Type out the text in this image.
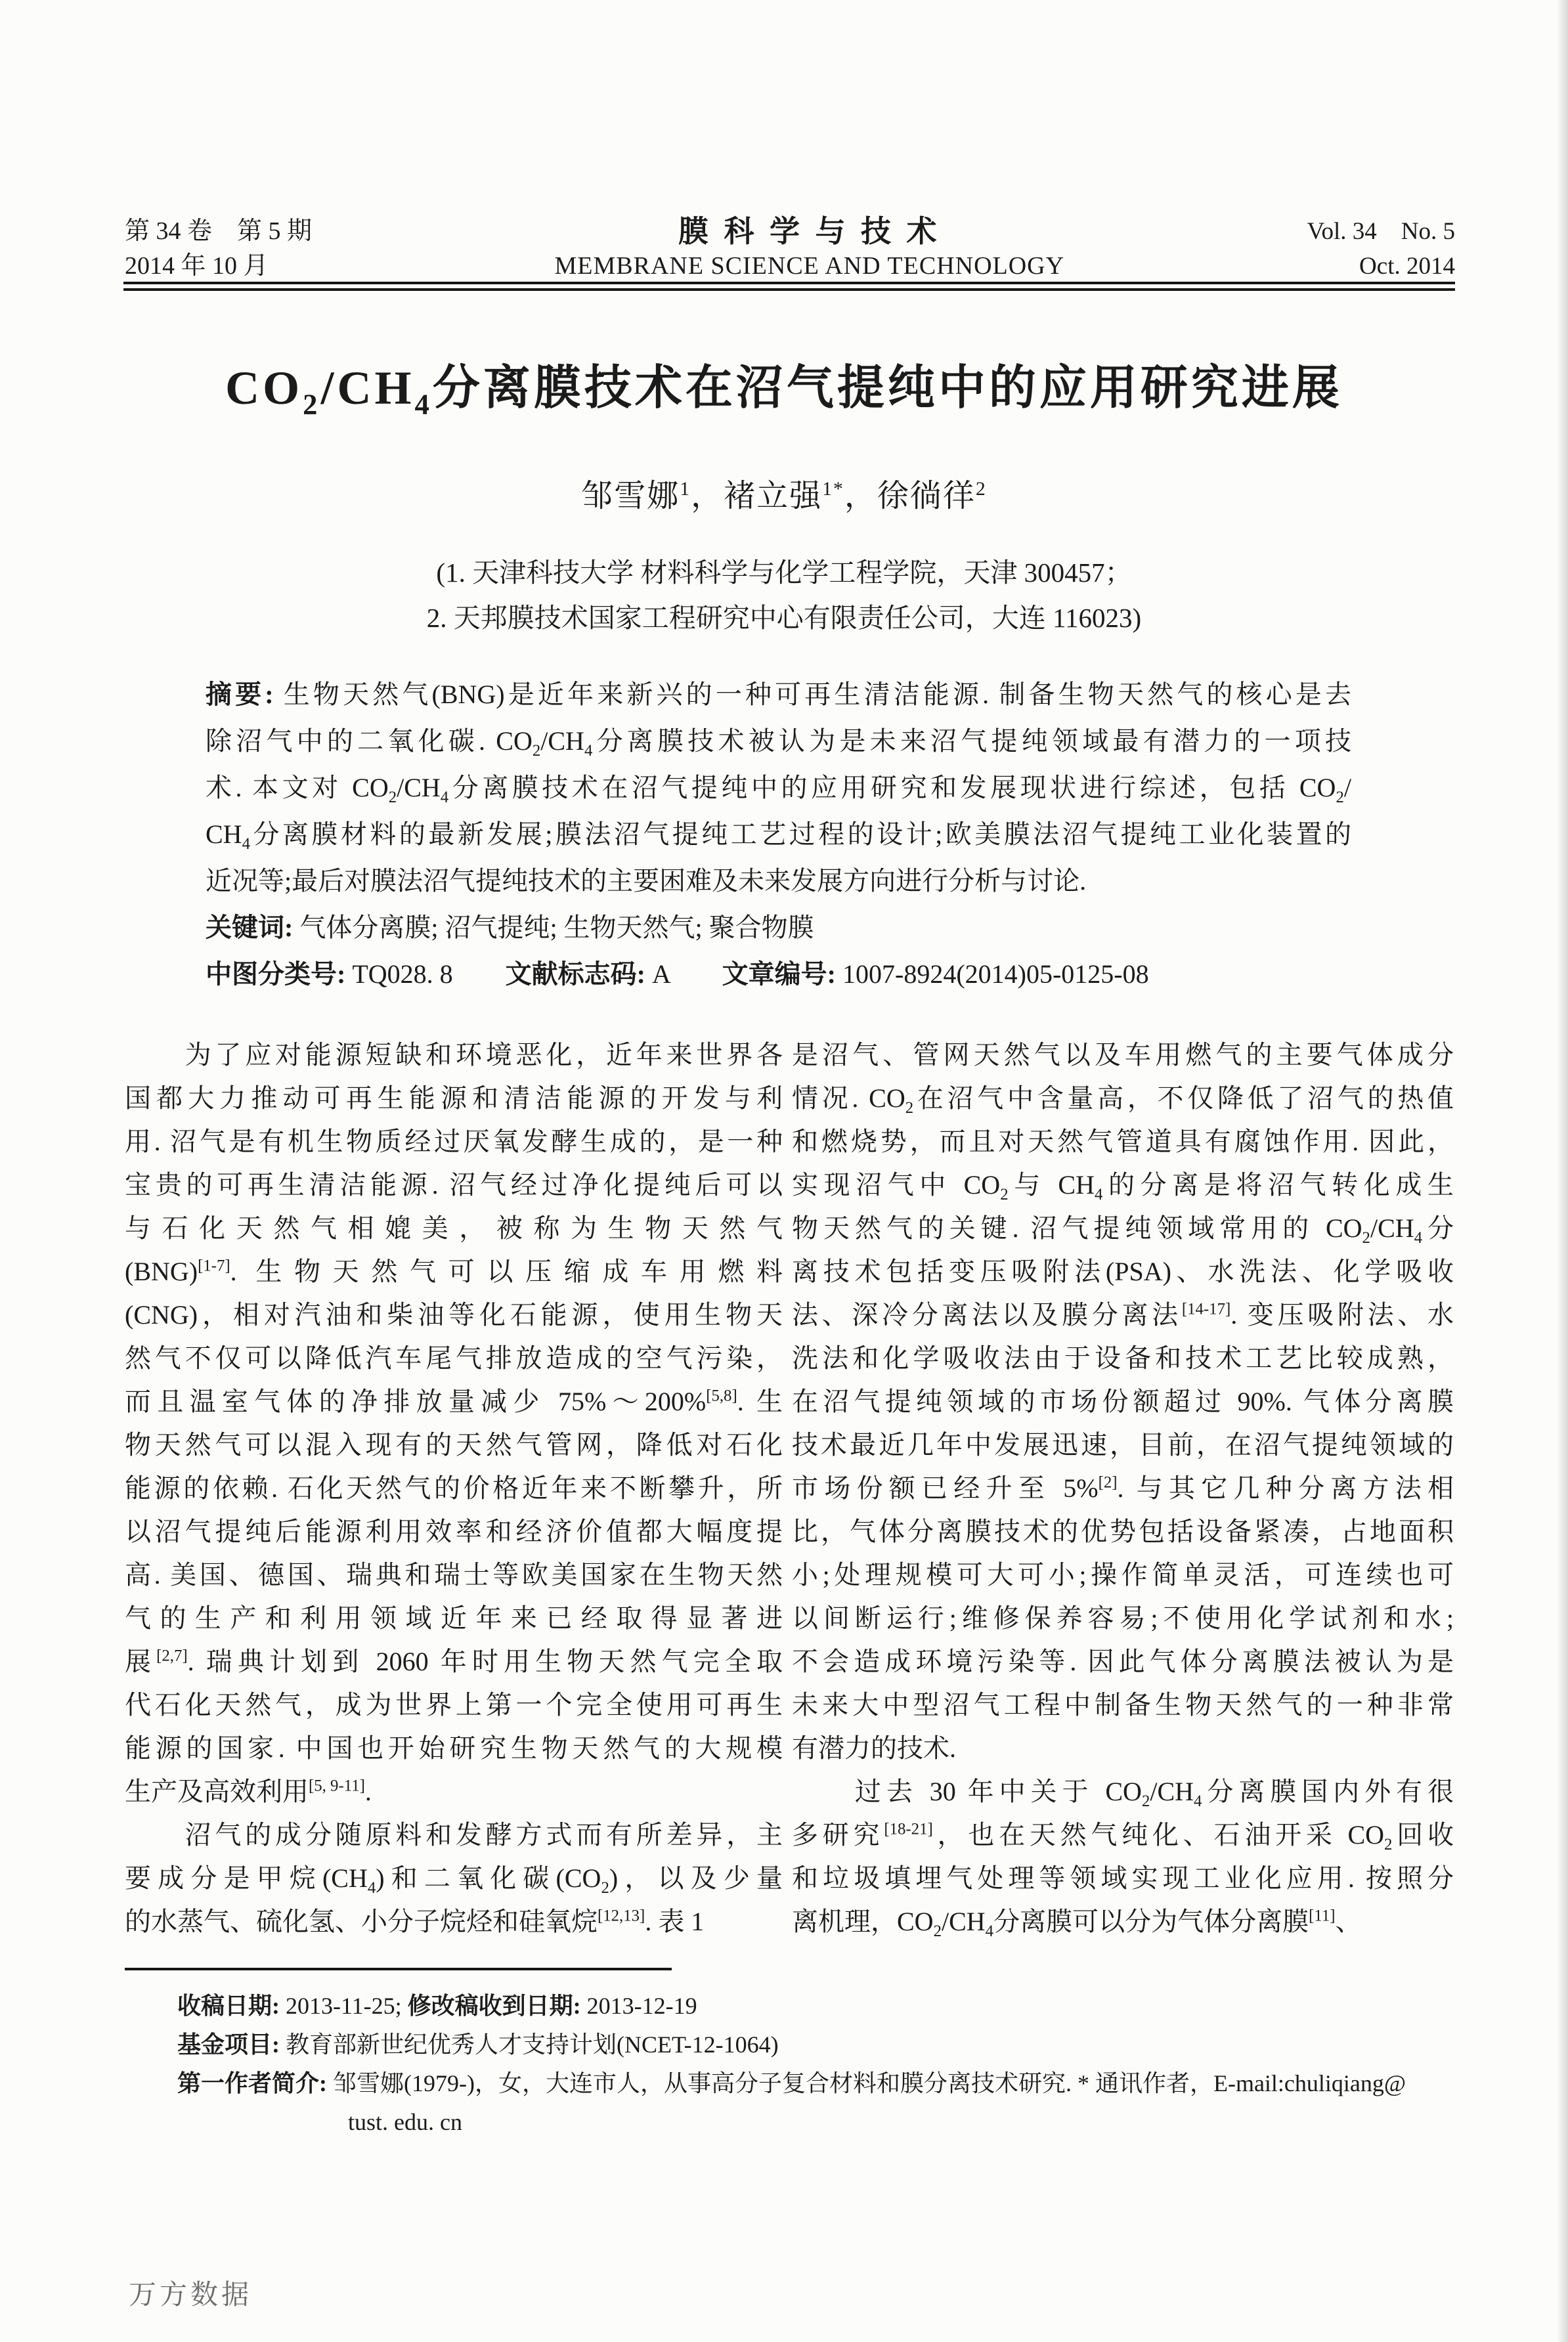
第 34 卷　第 5 期
2014 年 10 月
膜 科 学 与 技 术
MEMBRANE SCIENCE AND TECHNOLOGY
Vol. 34　No. 5
Oct. 2014
$CO_2/CH_4$分离膜技术在沼气提纯中的应用研究进展
邹雪娜$^1$，褚立强$^{1*}$，徐徜徉$^2$
(1. 天津科技大学 材料科学与化学工程学院，天津 300457；
2. 天邦膜技术国家工程研究中心有限责任公司，大连 116023)
摘要: 生物天然气(BNG)是近年来新兴的一种可再生清洁能源. 制备生物天然气的核心是去
除沼气中的二氧化碳. $CO_2/CH_4$分离膜技术被认为是未来沼气提纯领域最有潜力的一项技
术. 本文对 $CO_2/CH_4$分离膜技术在沼气提纯中的应用研究和发展现状进行综述，包括 $CO_2/$
$CH_4$分离膜材料的最新发展;膜法沼气提纯工艺过程的设计;欧美膜法沼气提纯工业化装置的
近况等;最后对膜法沼气提纯技术的主要困难及未来发展方向进行分析与讨论.
关键词: 气体分离膜; 沼气提纯; 生物天然气; 聚合物膜
中图分类号: TQ028. 8　　文献标志码: A　　文章编号: 1007-8924(2014)05-0125-08
　　为了应对能源短缺和环境恶化，近年来世界各
国都大力推动可再生能源和清洁能源的开发与利
用. 沼气是有机生物质经过厌氧发酵生成的，是一种
宝贵的可再生清洁能源. 沼气经过净化提纯后可以
与石化天然气相媲美，被称为生物天然气
(BNG)[1-7]. 生物天然气可以压缩成车用燃料
(CNG)，相对汽油和柴油等化石能源，使用生物天
然气不仅可以降低汽车尾气排放造成的空气污染，
而且温室气体的净排放量减少 75%～200%[5,8]. 生
物天然气可以混入现有的天然气管网，降低对石化
能源的依赖. 石化天然气的价格近年来不断攀升，所
以沼气提纯后能源利用效率和经济价值都大幅度提
高. 美国、德国、瑞典和瑞士等欧美国家在生物天然
气的生产和利用领域近年来已经取得显著进
展[2,7]. 瑞典计划到 2060 年时用生物天然气完全取
代石化天然气，成为世界上第一个完全使用可再生
能源的国家. 中国也开始研究生物天然气的大规模
生产及高效利用[5, 9-11].
　　沼气的成分随原料和发酵方式而有所差异，主
要成分是甲烷$(CH_4)$和二氧化碳$(CO_2)$，以及少量
的水蒸气、硫化氢、小分子烷烃和硅氧烷[12,13]. 表 1
是沼气、管网天然气以及车用燃气的主要气体成分
情况. $CO_2$在沼气中含量高，不仅降低了沼气的热值
和燃烧势，而且对天然气管道具有腐蚀作用. 因此，
实现沼气中 $CO_2$与 $CH_4$的分离是将沼气转化成生
物天然气的关键. 沼气提纯领域常用的 $CO_2/CH_4$分
离技术包括变压吸附法(PSA)、水洗法、化学吸收
法、深冷分离法以及膜分离法[14-17]. 变压吸附法、水
洗法和化学吸收法由于设备和技术工艺比较成熟，
在沼气提纯领域的市场份额超过 90%. 气体分离膜
技术最近几年中发展迅速，目前，在沼气提纯领域的
市场份额已经升至 5%[2]. 与其它几种分离方法相
比，气体分离膜技术的优势包括设备紧凑，占地面积
小;处理规模可大可小;操作简单灵活，可连续也可
以间断运行;维修保养容易;不使用化学试剂和水;
不会造成环境污染等. 因此气体分离膜法被认为是
未来大中型沼气工程中制备生物天然气的一种非常
有潜力的技术.
　　过去 30 年中关于 $CO_2/CH_4$分离膜国内外有很
多研究[18-21]，也在天然气纯化、石油开采 $CO_2$回收
和垃圾填埋气处理等领域实现工业化应用. 按照分
离机理，$CO_2/CH_4$分离膜可以分为气体分离膜[11]、
收稿日期: 2013-11-25; 修改稿收到日期: 2013-12-19
基金项目: 教育部新世纪优秀人才支持计划(NCET-12-1064)
第一作者简介: 邹雪娜(1979-)，女，大连市人，从事高分子复合材料和膜分离技术研究. * 通讯作者，E-mail:chuliqiang@
tust. edu. cn
万方数据
